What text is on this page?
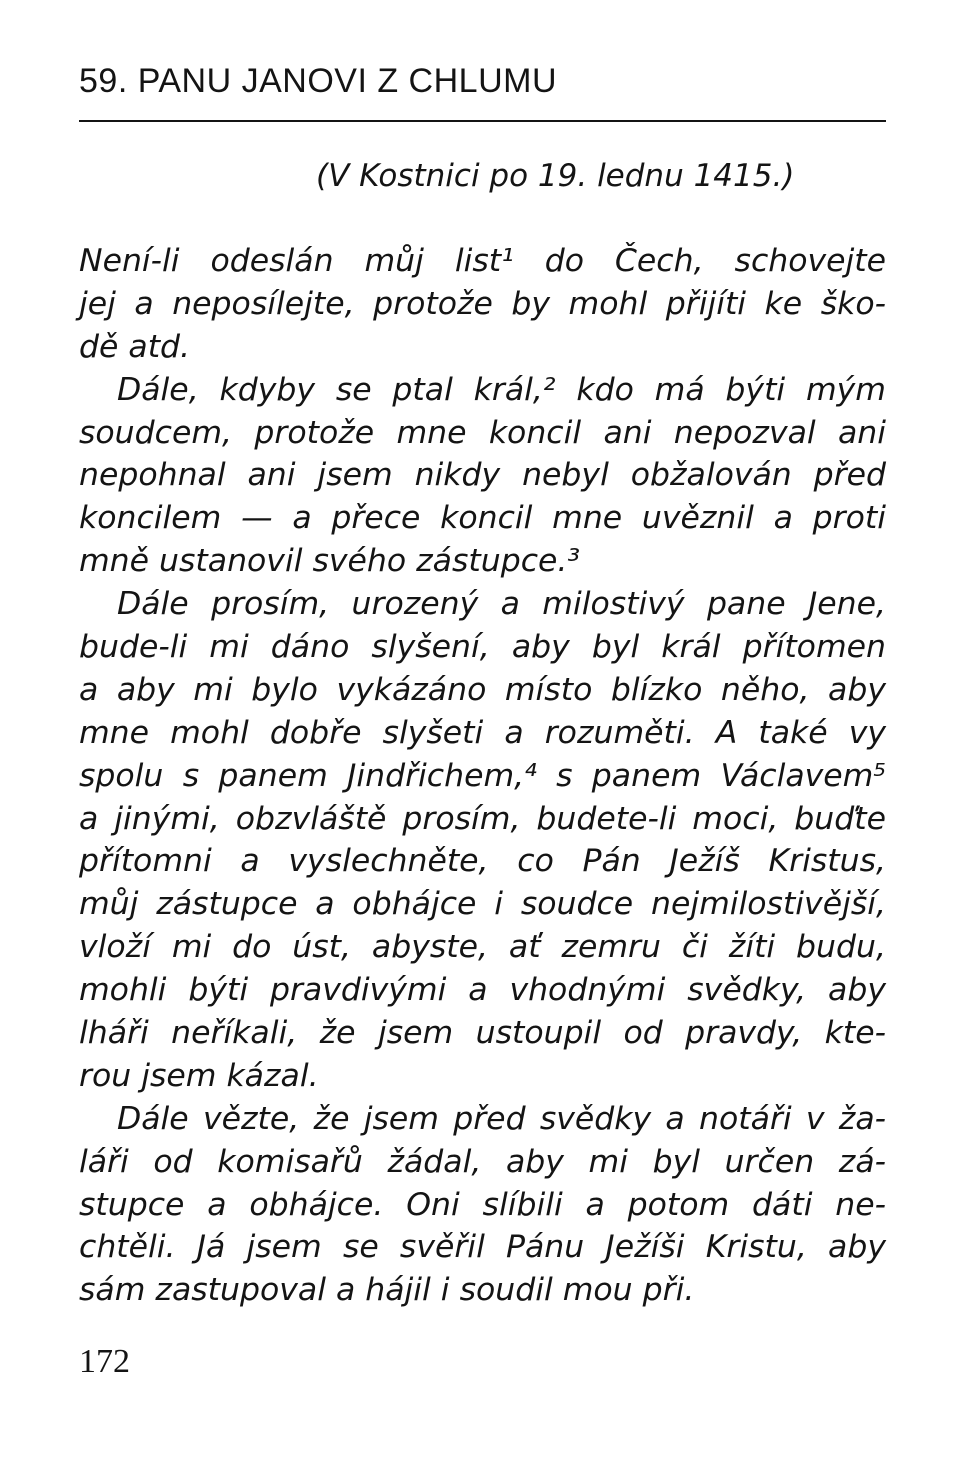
59. PANU JANOVI Z CHLUMU

(V Kostnici po 19. lednu 1415.)

Není-li odeslán můj list¹ do Čech, schovejte
jej a neposílejte, protože by mohl přijíti ke ško-
dě atd.
Dále, kdyby se ptal král,² kdo má býti mým
soudcem, protože mne koncil ani nepozval ani
nepohnal ani jsem nikdy nebyl obžalován před
koncilem — a přece koncil mne uvěznil a proti
mně ustanovil svého zástupce.³
Dále prosím, urozený a milostivý pane Jene,
bude-li mi dáno slyšení, aby byl král přítomen
a aby mi bylo vykázáno místo blízko něho, aby
mne mohl dobře slyšeti a rozuměti. A také vy
spolu s panem Jindřichem,⁴ s panem Václavem⁵
a jinými, obzvláště prosím, budete-li moci, buďte
přítomni a vyslechněte, co Pán Ježíš Kristus,
můj zástupce a obhájce i soudce nejmilostivější,
vloží mi do úst, abyste, ať zemru či žíti budu,
mohli býti pravdivými a vhodnými svědky, aby
lháři neříkali, že jsem ustoupil od pravdy, kte-
rou jsem kázal.
Dále vězte, že jsem před svědky a notáři v ža-
láři od komisařů žádal, aby mi byl určen zá-
stupce a obhájce. Oni slíbili a potom dáti ne-
chtěli. Já jsem se svěřil Pánu Ježíši Kristu, aby
sám zastupoval a hájil i soudil mou při.

172
